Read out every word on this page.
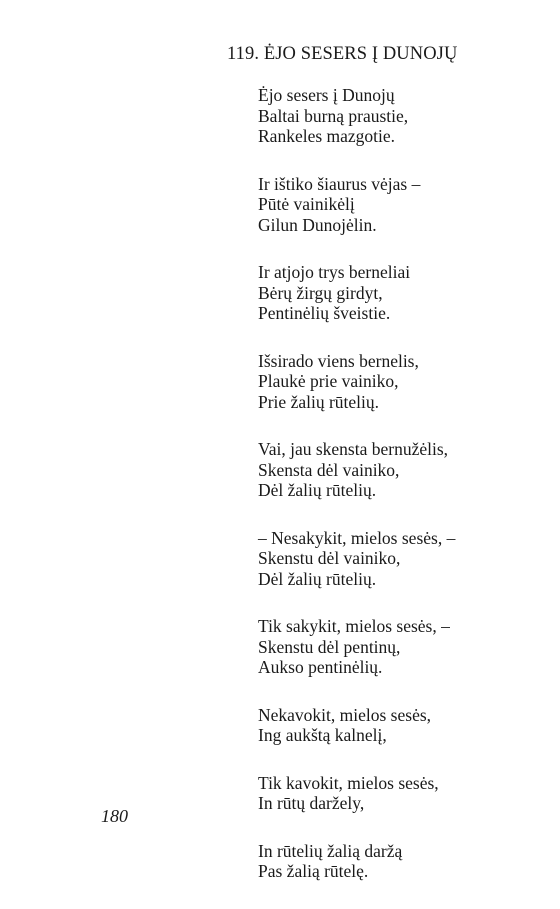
119. ĖJO SESERS Į DUNOJŲ
Ėjo sesers į Dunojų
Baltai burną praustie,
Rankeles mazgotie.
Ir ištiko šiaurus vėjas –
Pūtė vainikėlį
Gilun Dunojėlin.
Ir atjojo trys berneliai
Bėrų žirgų girdyt,
Pentinėlių šveistie.
Išsirado viens bernelis,
Plaukė prie vainiko,
Prie žalių rūtelių.
Vai, jau skensta bernužėlis,
Skensta dėl vainiko,
Dėl žalių rūtelių.
– Nesakykit, mielos sesės, –
Skenstu dėl vainiko,
Dėl žalių rūtelių.
Tik sakykit, mielos sesės, –
Skenstu dėl pentinų,
Aukso pentinėlių.
Nekavokit, mielos sesės,
Ing aukštą kalnelį,
Tik kavokit, mielos sesės,
In rūtų daržely,
In rūtelių žalią daržą
Pas žalią rūtelę.
180
